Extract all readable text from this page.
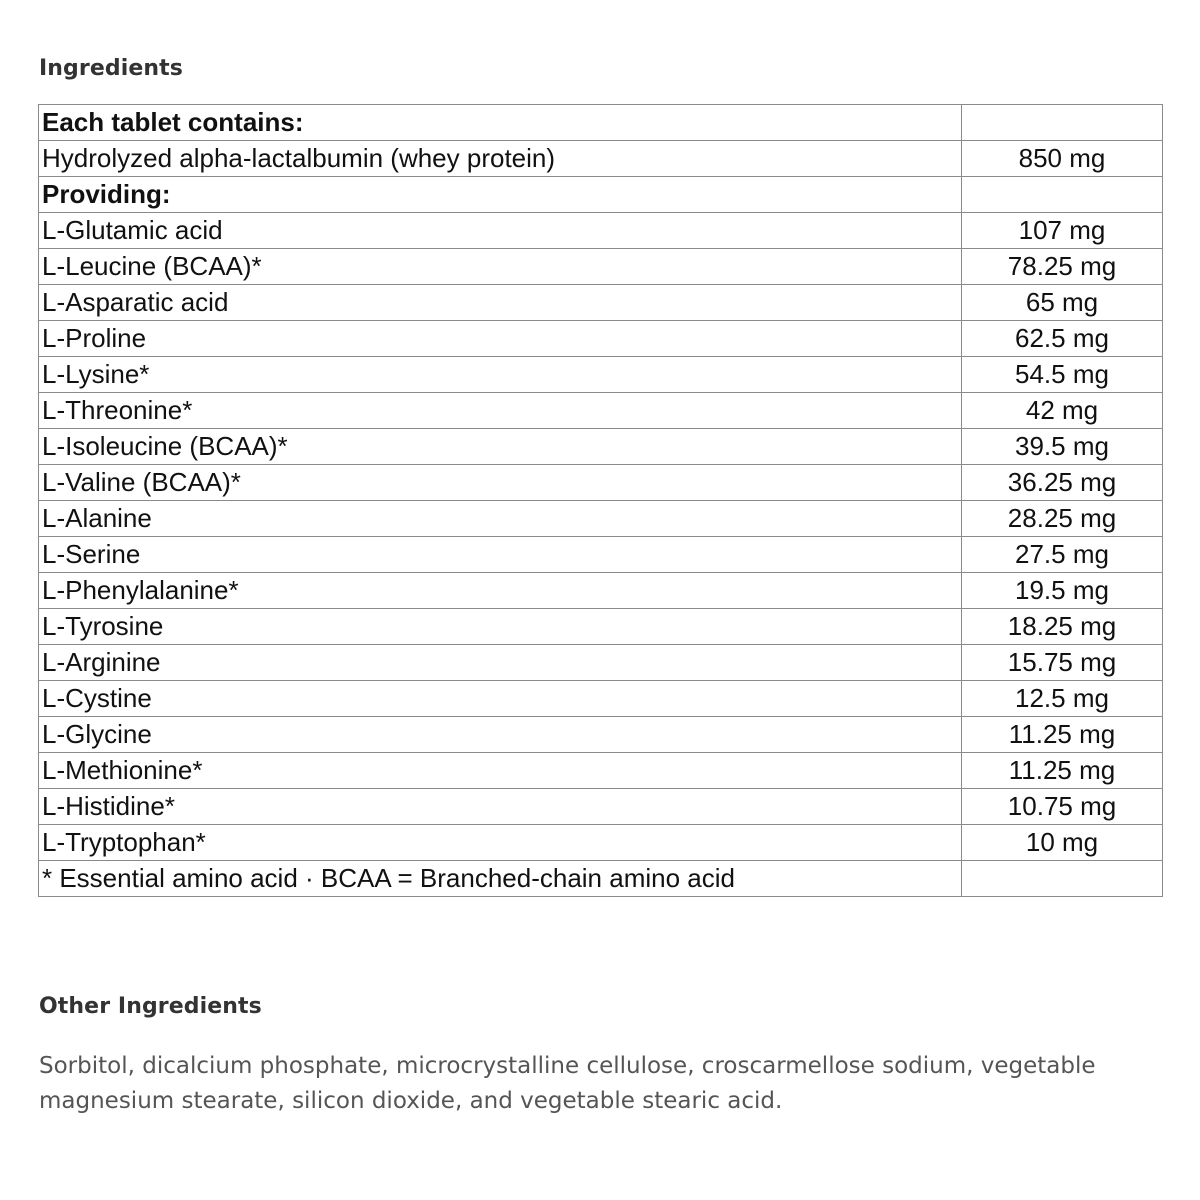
Ingredients
Each tablet contains:	
Hydrolyzed alpha-lactalbumin (whey protein)	850 mg
Providing:	
L-Glutamic acid	107 mg
L-Leucine (BCAA)*	78.25 mg
L-Asparatic acid	65 mg
L-Proline	62.5 mg
L-Lysine*	54.5 mg
L-Threonine*	42 mg
L-Isoleucine (BCAA)*	39.5 mg
L-Valine (BCAA)*	36.25 mg
L-Alanine	28.25 mg
L-Serine	27.5 mg
L-Phenylalanine*	19.5 mg
L-Tyrosine	18.25 mg
L-Arginine	15.75 mg
L-Cystine	12.5 mg
L-Glycine	11.25 mg
L-Methionine*	11.25 mg
L-Histidine*	10.75 mg
L-Tryptophan*	10 mg
* Essential amino acid · BCAA = Branched-chain amino acid	
Other Ingredients

Sorbitol, dicalcium phosphate, microcrystalline cellulose, croscarmellose sodium, vegetable magnesium stearate, silicon dioxide, and vegetable stearic acid.
